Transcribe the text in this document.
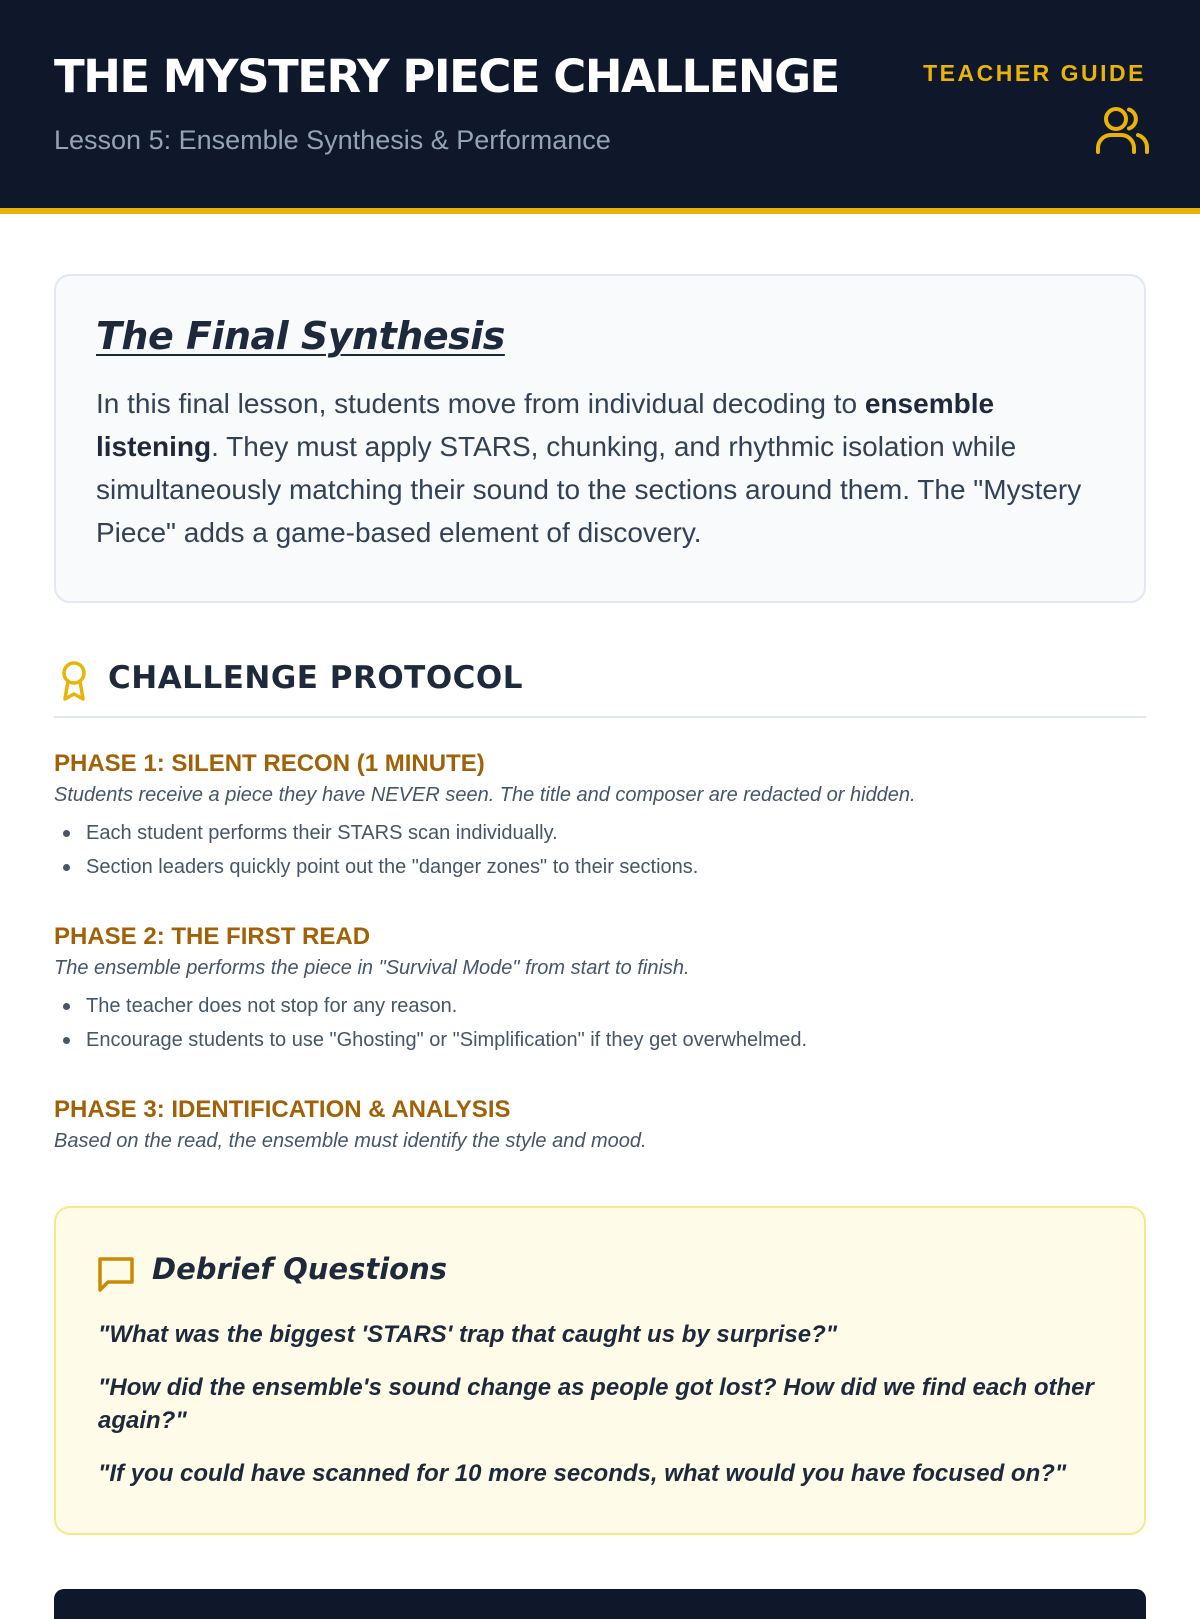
THE MYSTERY PIECE CHALLENGE
Lesson 5: Ensemble Synthesis & Performance
TEACHER GUIDE
The Final Synthesis

In this final lesson, students move from individual decoding to ensemble listening. They must apply STARS, chunking, and rhythmic isolation while simultaneously matching their sound to the sections around them. The "Mystery Piece" adds a game-based element of discovery.

CHALLENGE PROTOCOL
PHASE 1: SILENT RECON (1 MINUTE)

Students receive a piece they have NEVER seen. The title and composer are redacted or hidden.

Each student performs their STARS scan individually.
Section leaders quickly point out the "danger zones" to their sections.
PHASE 2: THE FIRST READ

The ensemble performs the piece in "Survival Mode" from start to finish.

The teacher does not stop for any reason.
Encourage students to use "Ghosting" or "Simplification" if they get overwhelmed.
PHASE 3: IDENTIFICATION & ANALYSIS

Based on the read, the ensemble must identify the style and mood.

Debrief Questions

"What was the biggest 'STARS' trap that caught us by surprise?"

"How did the ensemble's sound change as people got lost? How did we find each other again?"

"If you could have scanned for 10 more seconds, what would you have focused on?"
